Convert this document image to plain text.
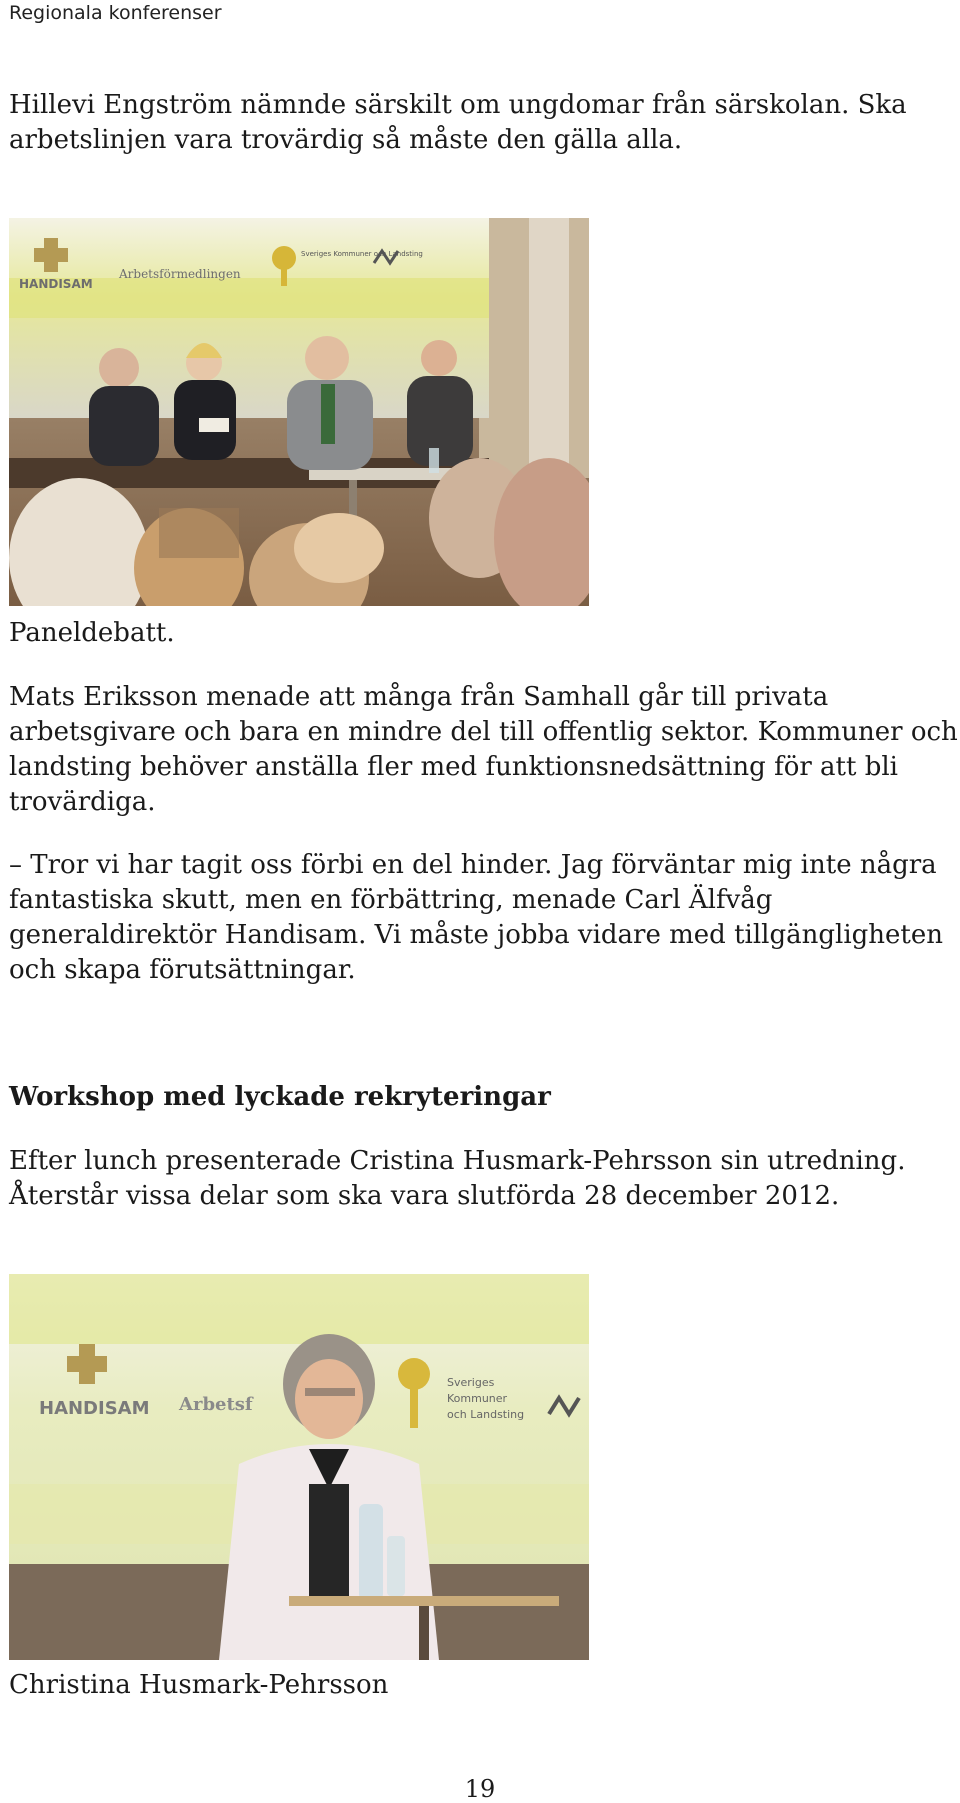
Regionala konferenser

Hillevi Engström nämnde särskilt om ungdomar från särskolan. Ska arbetslinjen vara trovärdig så måste den gälla alla.

HANDISAM
Arbetsförmedlingen
Sveriges Kommuner och Landsting

Paneldebatt.

Mats Eriksson menade att många från Samhall går till privata arbetsgivare och bara en mindre del till offentlig sektor. Kommuner och landsting behöver anställa fler med funktionsnedsättning för att bli trovärdiga.

– Tror vi har tagit oss förbi en del hinder. Jag förväntar mig inte några fantastiska skutt, men en förbättring, menade Carl Älfvåg generaldirektör Handisam. Vi måste jobba vidare med tillgängligheten och skapa förutsättningar.

Workshop med lyckade rekryteringar

Efter lunch presenterade Cristina Husmark-Pehrsson sin utredning. Återstår vissa delar som ska vara slutförda 28 december 2012.

HANDISAM Arbetsf
Sveriges
Kommuner
och Landsting

Christina Husmark-Pehrsson

19
